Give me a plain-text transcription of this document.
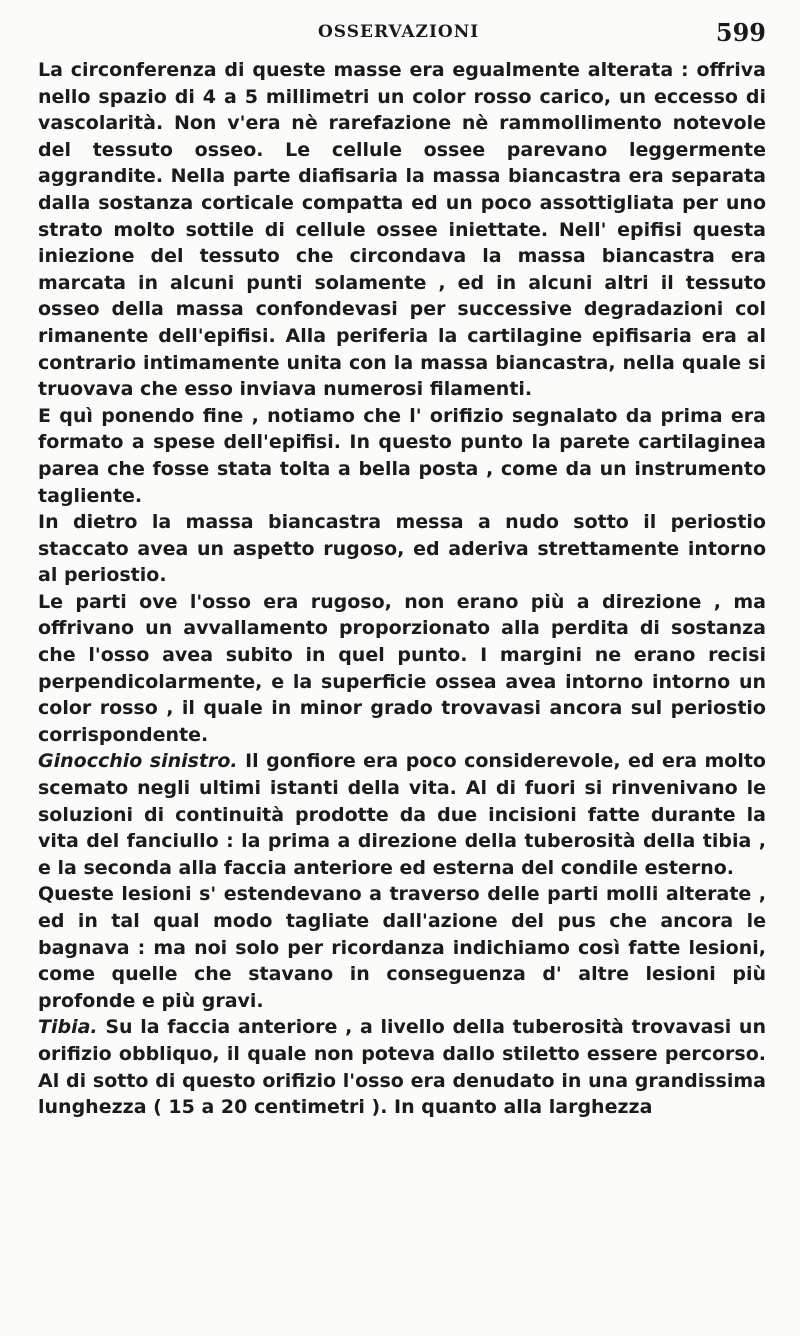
OSSERVAZIONI	599

La circonferenza di queste masse era egualmente alterata : offriva nello spazio di 4 a 5 millimetri un color rosso carico, un eccesso di vascolarità. Non v'era nè rarefazione nè rammollimento notevole del tessuto osseo. Le cellule ossee parevano leggermente aggrandite. Nella parte diafisaria la massa biancastra era separata dalla sostanza corticale compatta ed un poco assottigliata per uno strato molto sottile di cellule ossee iniettate. Nell' epifisi questa iniezione del tessuto che circondava la massa biancastra era marcata in alcuni punti solamente , ed in alcuni altri il tessuto osseo della massa confondevasi per successive degradazioni col rimanente dell'epifisi. Alla periferia la cartilagine epifisaria era al contrario intimamente unita con la massa biancastra, nella quale si truovava che esso inviava numerosi filamenti.

E quì ponendo fine , notiamo che l' orifizio segnalato da prima era formato a spese dell'epifisi. In questo punto la parete cartilaginea parea che fosse stata tolta a bella posta , come da un instrumento tagliente.

In dietro la massa biancastra messa a nudo sotto il periostio staccato avea un aspetto rugoso, ed aderiva strettamente intorno al periostio.

Le parti ove l'osso era rugoso, non erano più a direzione , ma offrivano un avvallamento proporzionato alla perdita di sostanza che l'osso avea subito in quel punto. I margini ne erano recisi perpendicolarmente, e la superficie ossea avea intorno intorno un color rosso , il quale in minor grado trovavasi ancora sul periostio corrispondente.

Ginocchio sinistro. Il gonfiore era poco considerevole, ed era molto scemato negli ultimi istanti della vita. Al di fuori si rinvenivano le soluzioni di continuità prodotte da due incisioni fatte durante la vita del fanciullo : la prima a direzione della tuberosità della tibia , e la seconda alla faccia anteriore ed esterna del condile esterno.

Queste lesioni s' estendevano a traverso delle parti molli alterate , ed in tal qual modo tagliate dall'azione del pus che ancora le bagnava : ma noi solo per ricordanza indichiamo così fatte lesioni, come quelle che stavano in conseguenza d' altre lesioni più profonde e più gravi.

Tibia. Su la faccia anteriore , a livello della tuberosità trovavasi un orifizio obbliquo, il quale non poteva dallo stiletto essere percorso. Al di sotto di questo orifizio l'osso era denudato in una grandissima lunghezza ( 15 a 20 centimetri ). In quanto alla larghezza
